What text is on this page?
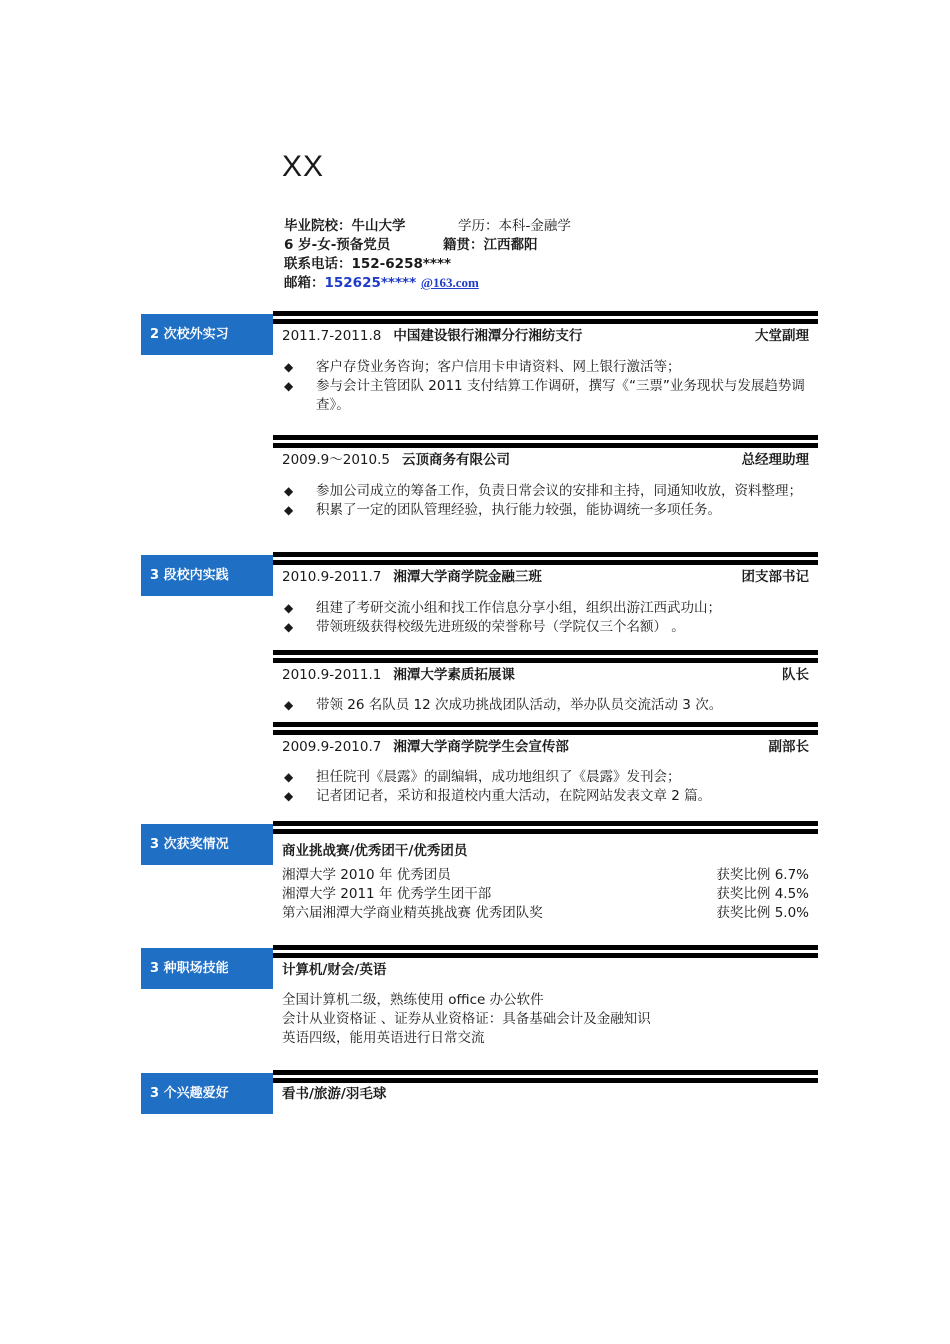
XX
毕业院校：牛山大学	学历：本科-金融学
6 岁-女-预备党员	籍贯：江西鄱阳
联系电话：152-6258****
邮箱：152625***** @163.com
2 次校外实习	2011.7-2011.8 中国建设银行湘潭分行湘纺支行	大堂副理
◆ 客户存贷业务咨询；客户信用卡申请资料、网上银行激活等；
◆ 参与会计主管团队 2011 支付结算工作调研，撰写《“三票”业务现状与发展趋势调查》。
2009.9～2010.5 云顶商务有限公司	总经理助理
◆ 参加公司成立的筹备工作，负责日常会议的安排和主持，同通知收放，资料整理；
◆ 积累了一定的团队管理经验，执行能力较强，能协调统一多项任务。
3 段校内实践	2010.9-2011.7 湘潭大学商学院金融三班	团支部书记
◆ 组建了考研交流小组和找工作信息分享小组，组织出游江西武功山；
◆ 带领班级获得校级先进班级的荣誉称号（学院仅三个名额） 。
2010.9-2011.1 湘潭大学素质拓展课	队长
◆ 带领 26 名队员 12 次成功挑战团队活动，举办队员交流活动 3 次。
2009.9-2010.7 湘潭大学商学院学生会宣传部	副部长
◆ 担任院刊《晨露》的副编辑，成功地组织了《晨露》发刊会；
◆ 记者团记者，采访和报道校内重大活动，在院网站发表文章 2 篇。
3 次获奖情况	商业挑战赛/优秀团干/优秀团员
湘潭大学 2010 年 优秀团员	获奖比例 6.7%
湘潭大学 2011 年 优秀学生团干部	获奖比例 4.5%
第六届湘潭大学商业精英挑战赛 优秀团队奖	获奖比例 5.0%
3 种职场技能	计算机/财会/英语
全国计算机二级，熟练使用 office 办公软件
会计从业资格证 、证券从业资格证：具备基础会计及金融知识
英语四级，能用英语进行日常交流
3 个兴趣爱好	看书/旅游/羽毛球
